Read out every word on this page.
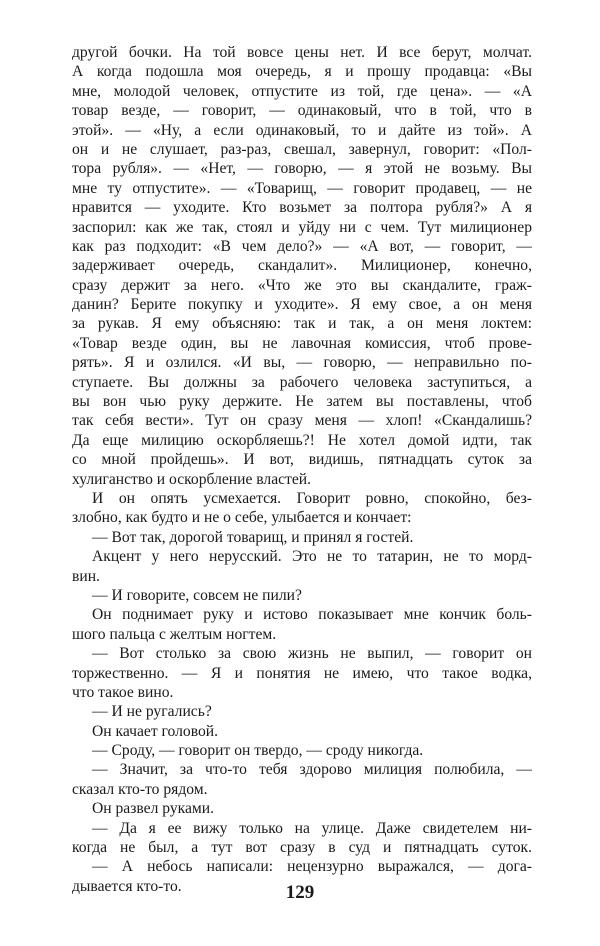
другой бочки. На той вовсе цены нет. И все берут, молчат.
А когда подошла моя очередь, я и прошу продавца: «Вы
мне, молодой человек, отпустите из той, где цена». — «А
товар везде, — говорит, — одинаковый, что в той, что в
этой». — «Ну, а если одинаковый, то и дайте из той». А
он и не слушает, раз-раз, свешал, завернул, говорит: «Пол-
тора рубля». — «Нет, — говорю, — я этой не возьму. Вы
мне ту отпустите». — «Товарищ, — говорит продавец, — не
нравится — уходите. Кто возьмет за полтора рубля?» А я
заспорил: как же так, стоял и уйду ни с чем. Тут милиционер
как раз подходит: «В чем дело?» — «А вот, — говорит, —
задерживает очередь, скандалит». Милиционер, конечно,
сразу держит за него. «Что же это вы скандалите, граж-
данин? Берите покупку и уходите». Я ему свое, а он меня
за рукав. Я ему объясняю: так и так, а он меня локтем:
«Товар везде один, вы не лавочная комиссия, чтоб прове-
рять». Я и озлился. «И вы, — говорю, — неправильно по-
ступаете. Вы должны за рабочего человека заступиться, а
вы вон чью руку держите. Не затем вы поставлены, чтоб
так себя вести». Тут он сразу меня — хлоп! «Скандалишь?
Да еще милицию оскорбляешь?! Не хотел домой идти, так
со мной пройдешь». И вот, видишь, пятнадцать суток за
хулиганство и оскорбление властей.
И он опять усмехается. Говорит ровно, спокойно, без-
злобно, как будто и не о себе, улыбается и кончает:
— Вот так, дорогой товарищ, и принял я гостей.
Акцент у него нерусский. Это не то татарин, не то морд-
вин.
— И говорите, совсем не пили?
Он поднимает руку и истово показывает мне кончик боль-
шого пальца с желтым ногтем.
— Вот столько за свою жизнь не выпил, — говорит он
торжественно. — Я и понятия не имею, что такое водка,
что такое вино.
— И не ругались?
Он качает головой.
— Сроду, — говорит он твердо, — сроду никогда.
— Значит, за что-то тебя здорово милиция полюбила, —
сказал кто-то рядом.
Он развел руками.
— Да я ее вижу только на улице. Даже свидетелем ни-
когда не был, а тут вот сразу в суд и пятнадцать суток.
— А небось написали: нецензурно выражался, — дога-
дывается кто-то.	129
